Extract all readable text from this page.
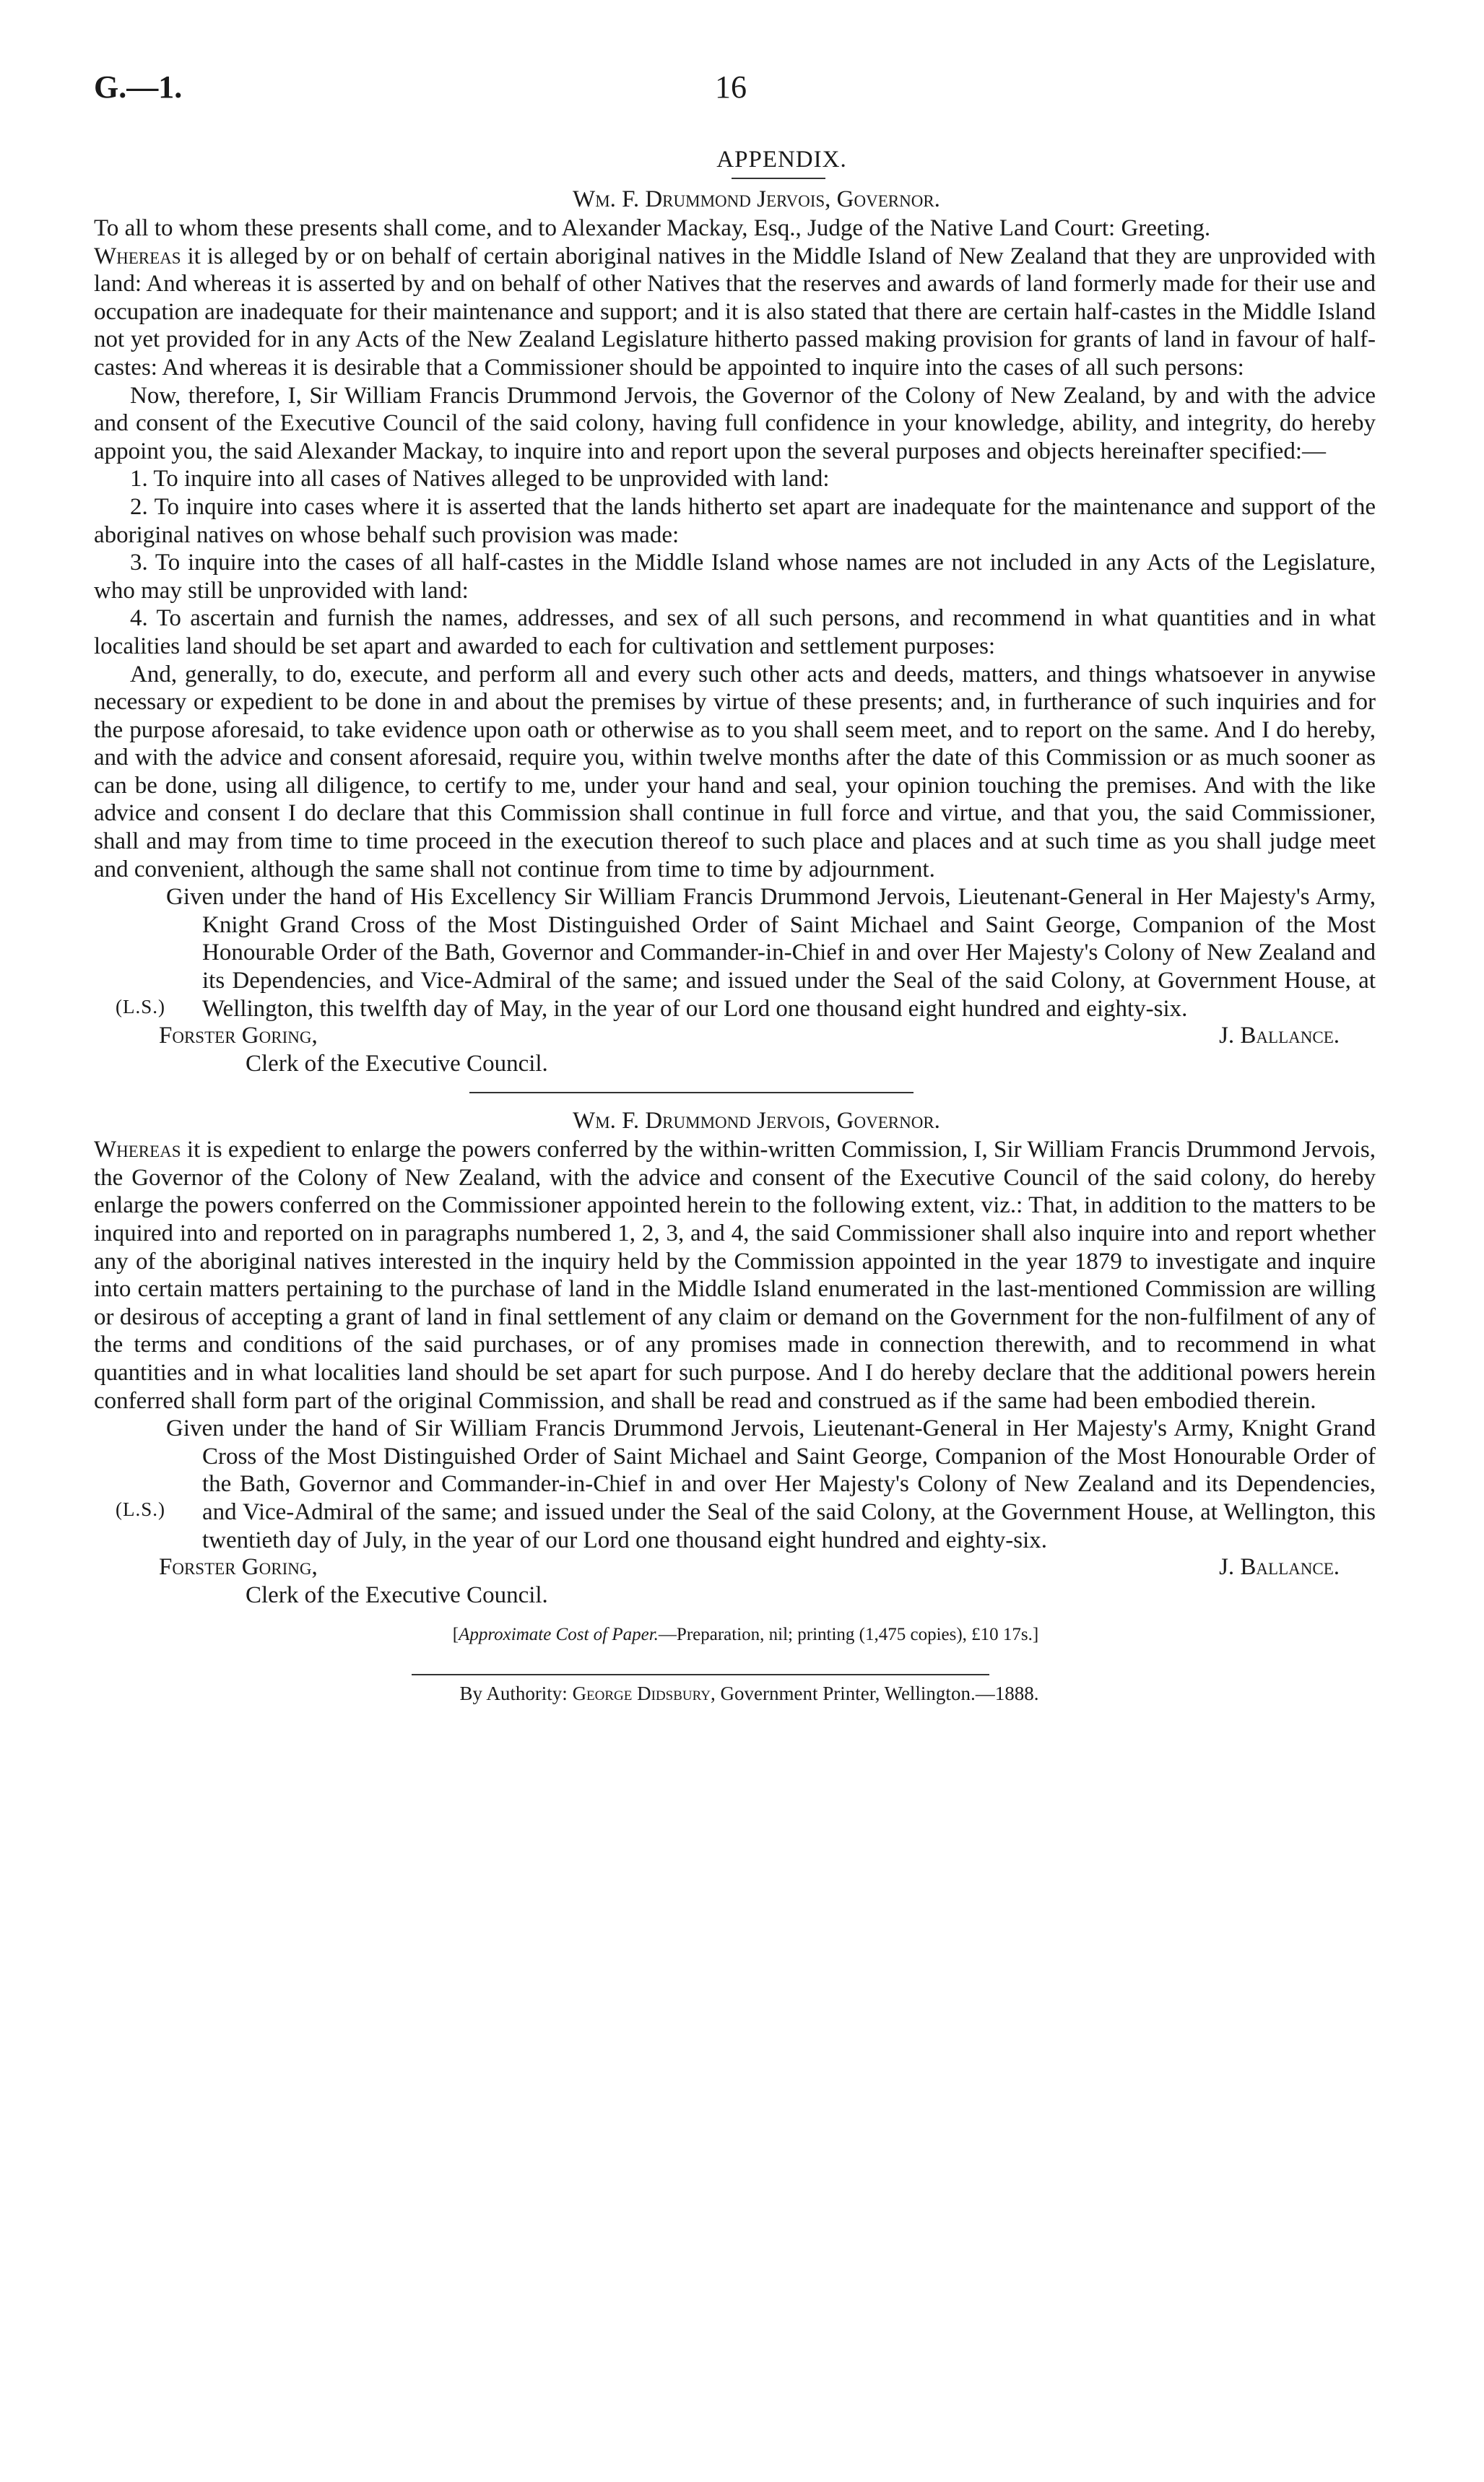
G.—1.	16
APPENDIX.
Wm. F. Drummond Jervois, Governor.

To all to whom these presents shall come, and to Alexander Mackay, Esq., Judge of the Native Land Court: Greeting.

Whereas it is alleged by or on behalf of certain aboriginal natives in the Middle Island of New Zealand that they are unprovided with land: And whereas it is asserted by and on behalf of other Natives that the reserves and awards of land formerly made for their use and occupation are inadequate for their maintenance and support; and it is also stated that there are certain half-castes in the Middle Island not yet provided for in any Acts of the New Zealand Legislature hitherto passed making provision for grants of land in favour of half-castes: And whereas it is desirable that a Commissioner should be appointed to inquire into the cases of all such persons:

Now, therefore, I, Sir William Francis Drummond Jervois, the Governor of the Colony of New Zealand, by and with the advice and consent of the Executive Council of the said colony, having full confidence in your knowledge, ability, and integrity, do hereby appoint you, the said Alexander Mackay, to inquire into and report upon the several purposes and objects hereinafter specified:—

1. To inquire into all cases of Natives alleged to be unprovided with land:

2. To inquire into cases where it is asserted that the lands hitherto set apart are inadequate for the maintenance and support of the aboriginal natives on whose behalf such provision was made:

3. To inquire into the cases of all half-castes in the Middle Island whose names are not included in any Acts of the Legislature, who may still be unprovided with land:

4. To ascertain and furnish the names, addresses, and sex of all such persons, and recommend in what quantities and in what localities land should be set apart and awarded to each for cultivation and settlement purposes:

And, generally, to do, execute, and perform all and every such other acts and deeds, matters, and things whatsoever in anywise necessary or expedient to be done in and about the premises by virtue of these presents; and, in furtherance of such inquiries and for the purpose aforesaid, to take evidence upon oath or otherwise as to you shall seem meet, and to report on the same. And I do hereby, and with the advice and consent aforesaid, require you, within twelve months after the date of this Commission or as much sooner as can be done, using all diligence, to certify to me, under your hand and seal, your opinion touching the premises. And with the like advice and consent I do declare that this Commission shall continue in full force and virtue, and that you, the said Commissioner, shall and may from time to time proceed in the execution thereof to such place and places and at such time as you shall judge meet and convenient, although the same shall not continue from time to time by adjournment.

(L.S.)

Given under the hand of His Excellency Sir William Francis Drummond Jervois, Lieutenant-General in Her Majesty's Army, Knight Grand Cross of the Most Distinguished Order of Saint Michael and Saint George, Companion of the Most Honourable Order of the Bath, Governor and Commander-in-Chief in and over Her Majesty's Colony of New Zealand and its Dependencies, and Vice-Admiral of the same; and issued under the Seal of the said Colony, at Government House, at Wellington, this twelfth day of May, in the year of our Lord one thousand eight hundred and eighty-six.

Forster Goring,	J. Ballance.
Clerk of the Executive Council.
Wm. F. Drummond Jervois, Governor.

Whereas it is expedient to enlarge the powers conferred by the within-written Commission, I, Sir William Francis Drummond Jervois, the Governor of the Colony of New Zealand, with the advice and consent of the Executive Council of the said colony, do hereby enlarge the powers conferred on the Commissioner appointed herein to the following extent, viz.: That, in addition to the matters to be inquired into and reported on in paragraphs numbered 1, 2, 3, and 4, the said Commissioner shall also inquire into and report whether any of the aboriginal natives interested in the inquiry held by the Commission appointed in the year 1879 to investigate and inquire into certain matters pertaining to the purchase of land in the Middle Island enumerated in the last-mentioned Commission are willing or desirous of accepting a grant of land in final settlement of any claim or demand on the Government for the non-fulfilment of any of the terms and conditions of the said purchases, or of any promises made in connection therewith, and to recommend in what quantities and in what localities land should be set apart for such purpose. And I do hereby declare that the additional powers herein conferred shall form part of the original Commission, and shall be read and construed as if the same had been embodied therein.

(L.S.)

Given under the hand of Sir William Francis Drummond Jervois, Lieutenant-General in Her Majesty's Army, Knight Grand Cross of the Most Distinguished Order of Saint Michael and Saint George, Companion of the Most Honourable Order of the Bath, Governor and Commander-in-Chief in and over Her Majesty's Colony of New Zealand and its Dependencies, and Vice-Admiral of the same; and issued under the Seal of the said Colony, at the Government House, at Wellington, this twentieth day of July, in the year of our Lord one thousand eight hundred and eighty-six.

Forster Goring,	J. Ballance.
Clerk of the Executive Council.
[Approximate Cost of Paper.—Preparation, nil; printing (1,475 copies), £10 17s.]
By Authority: George Didsbury, Government Printer, Wellington.—1888.
